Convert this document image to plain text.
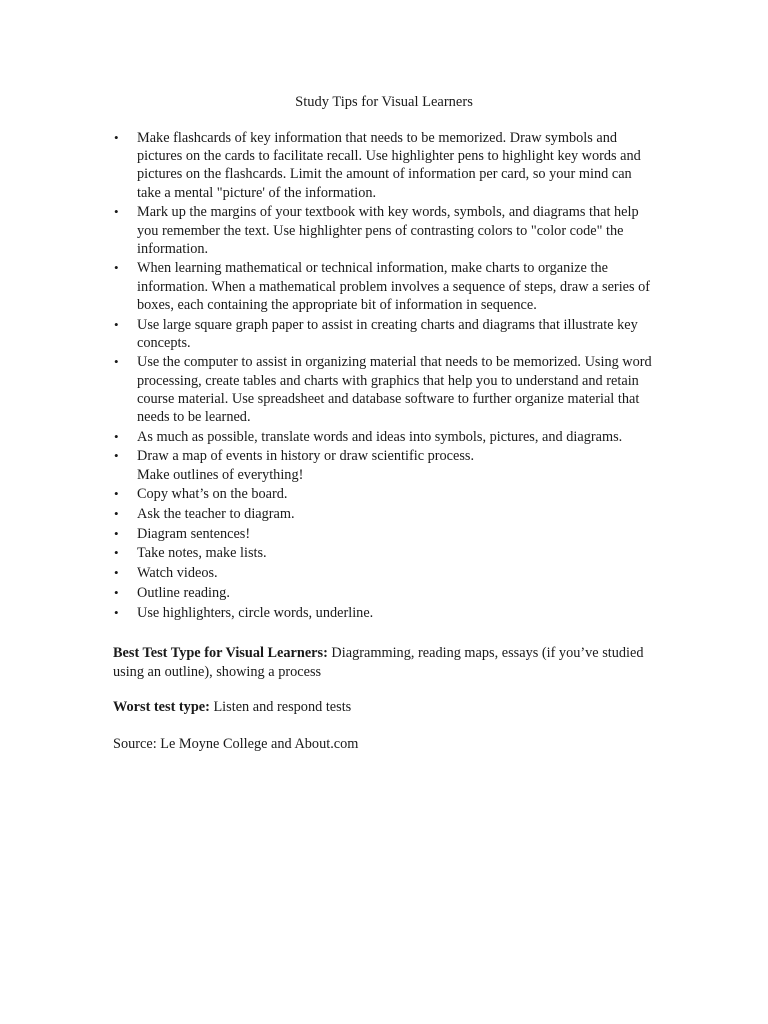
Study Tips for Visual Learners
• Make flashcards of key information that needs to be memorized. Draw symbols and pictures on the cards to facilitate recall. Use highlighter pens to highlight key words and pictures on the flashcards. Limit the amount of information per card, so your mind can take a mental "picture' of the information.
• Mark up the margins of your textbook with key words, symbols, and diagrams that help you remember the text. Use highlighter pens of contrasting colors to "color code" the information.
• When learning mathematical or technical information, make charts to organize the information. When a mathematical problem involves a sequence of steps, draw a series of boxes, each containing the appropriate bit of information in sequence.
• Use large square graph paper to assist in creating charts and diagrams that illustrate key concepts.
• Use the computer to assist in organizing material that needs to be memorized. Using word processing, create tables and charts with graphics that help you to understand and retain course material. Use spreadsheet and database software to further organize material that needs to be learned.
• As much as possible, translate words and ideas into symbols, pictures, and diagrams.
• Draw a map of events in history or draw scientific process.
Make outlines of everything!
• Copy what’s on the board.
• Ask the teacher to diagram.
• Diagram sentences!
• Take notes, make lists.
• Watch videos.
• Outline reading.
• Use highlighters, circle words, underline.

Best Test Type for Visual Learners: Diagramming, reading maps, essays (if you’ve studied using an outline), showing a process

Worst test type: Listen and respond tests

Source: Le Moyne College and About.com
